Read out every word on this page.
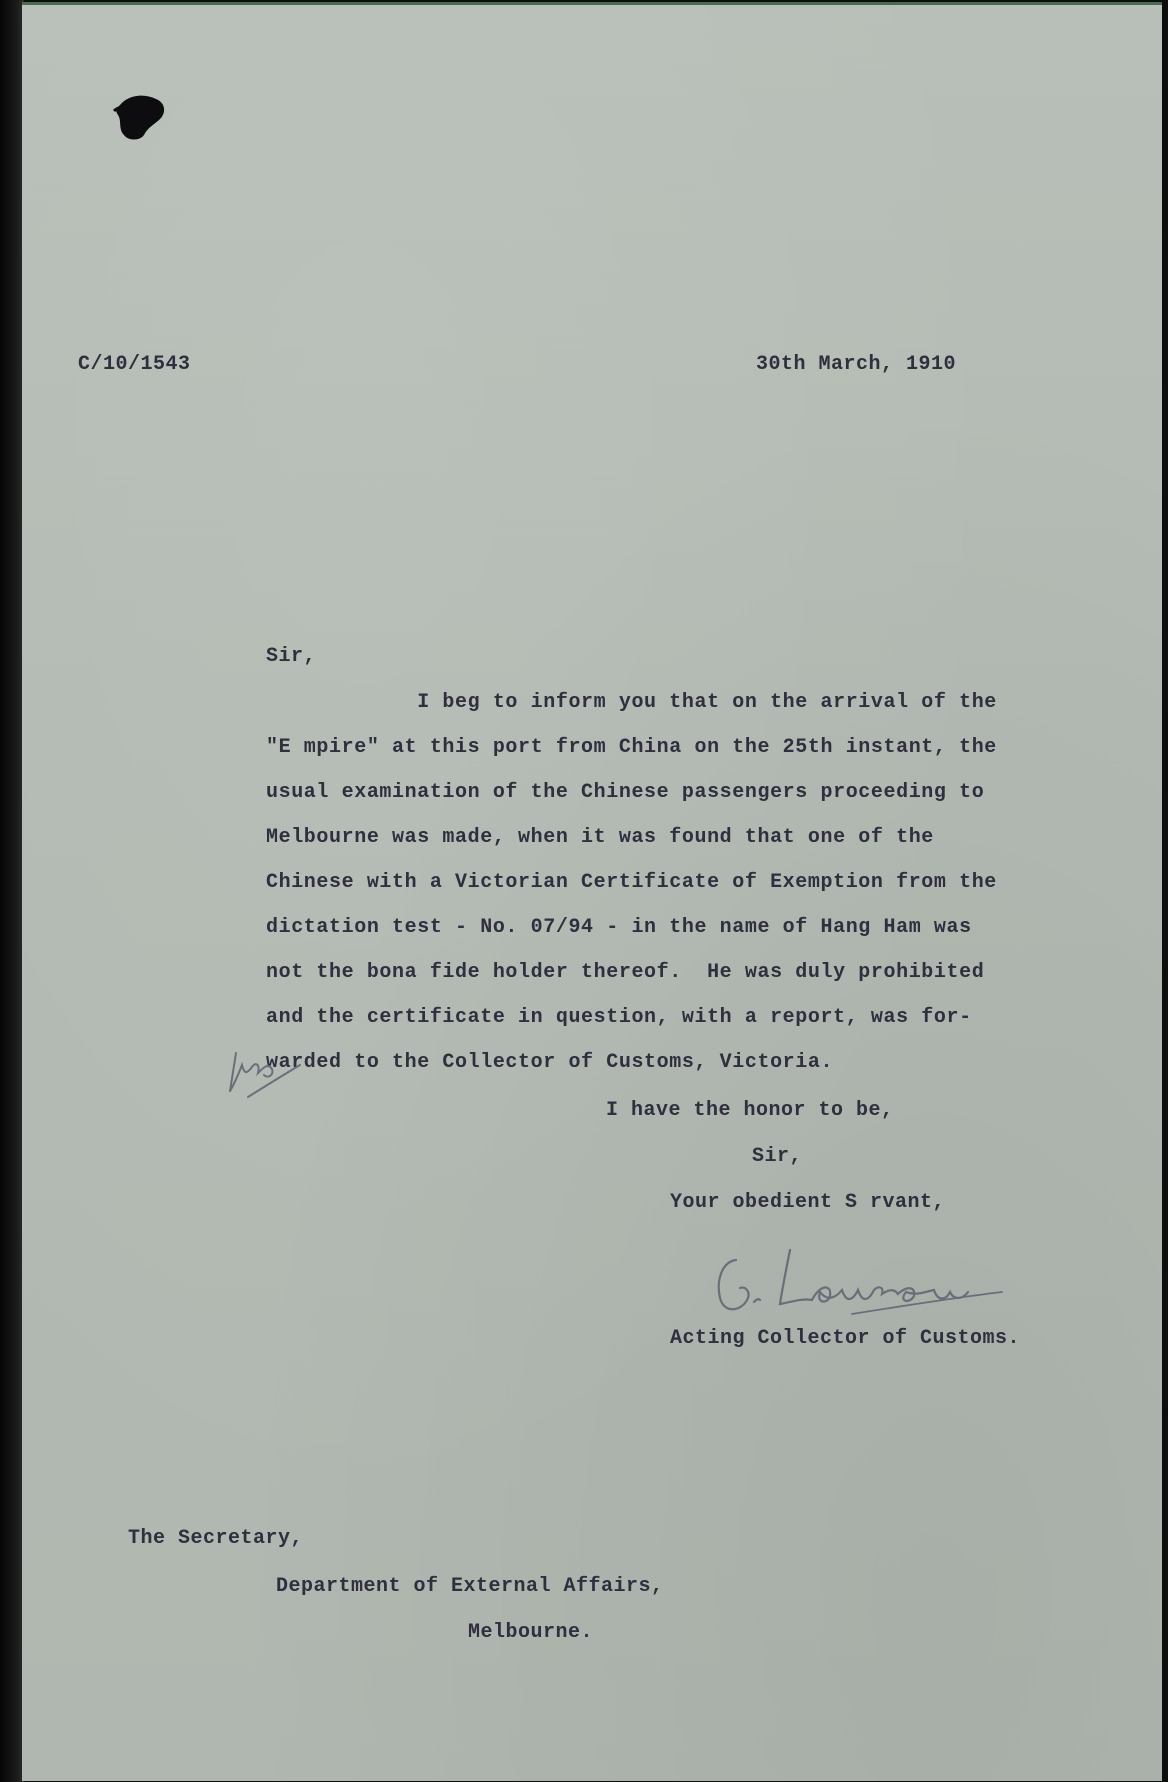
C/10/1543	30th March, 1910
Sir,
I beg to inform you that on the arrival of the
"E mpire" at this port from China on the 25th instant, the
usual examination of the Chinese passengers proceeding to
Melbourne was made, when it was found that one of the
Chinese with a Victorian Certificate of Exemption from the
dictation test - No. 07/94 - in the name of Hang Ham was
not the bona fide holder thereof.  He was duly prohibited
and the certificate in question, with a report, was for-
warded to the Collector of Customs, Victoria.
I have the honor to be,
Sir,
Your obedient S rvant,
Acting Collector of Customs.
The Secretary,
Department of External Affairs,
Melbourne.
